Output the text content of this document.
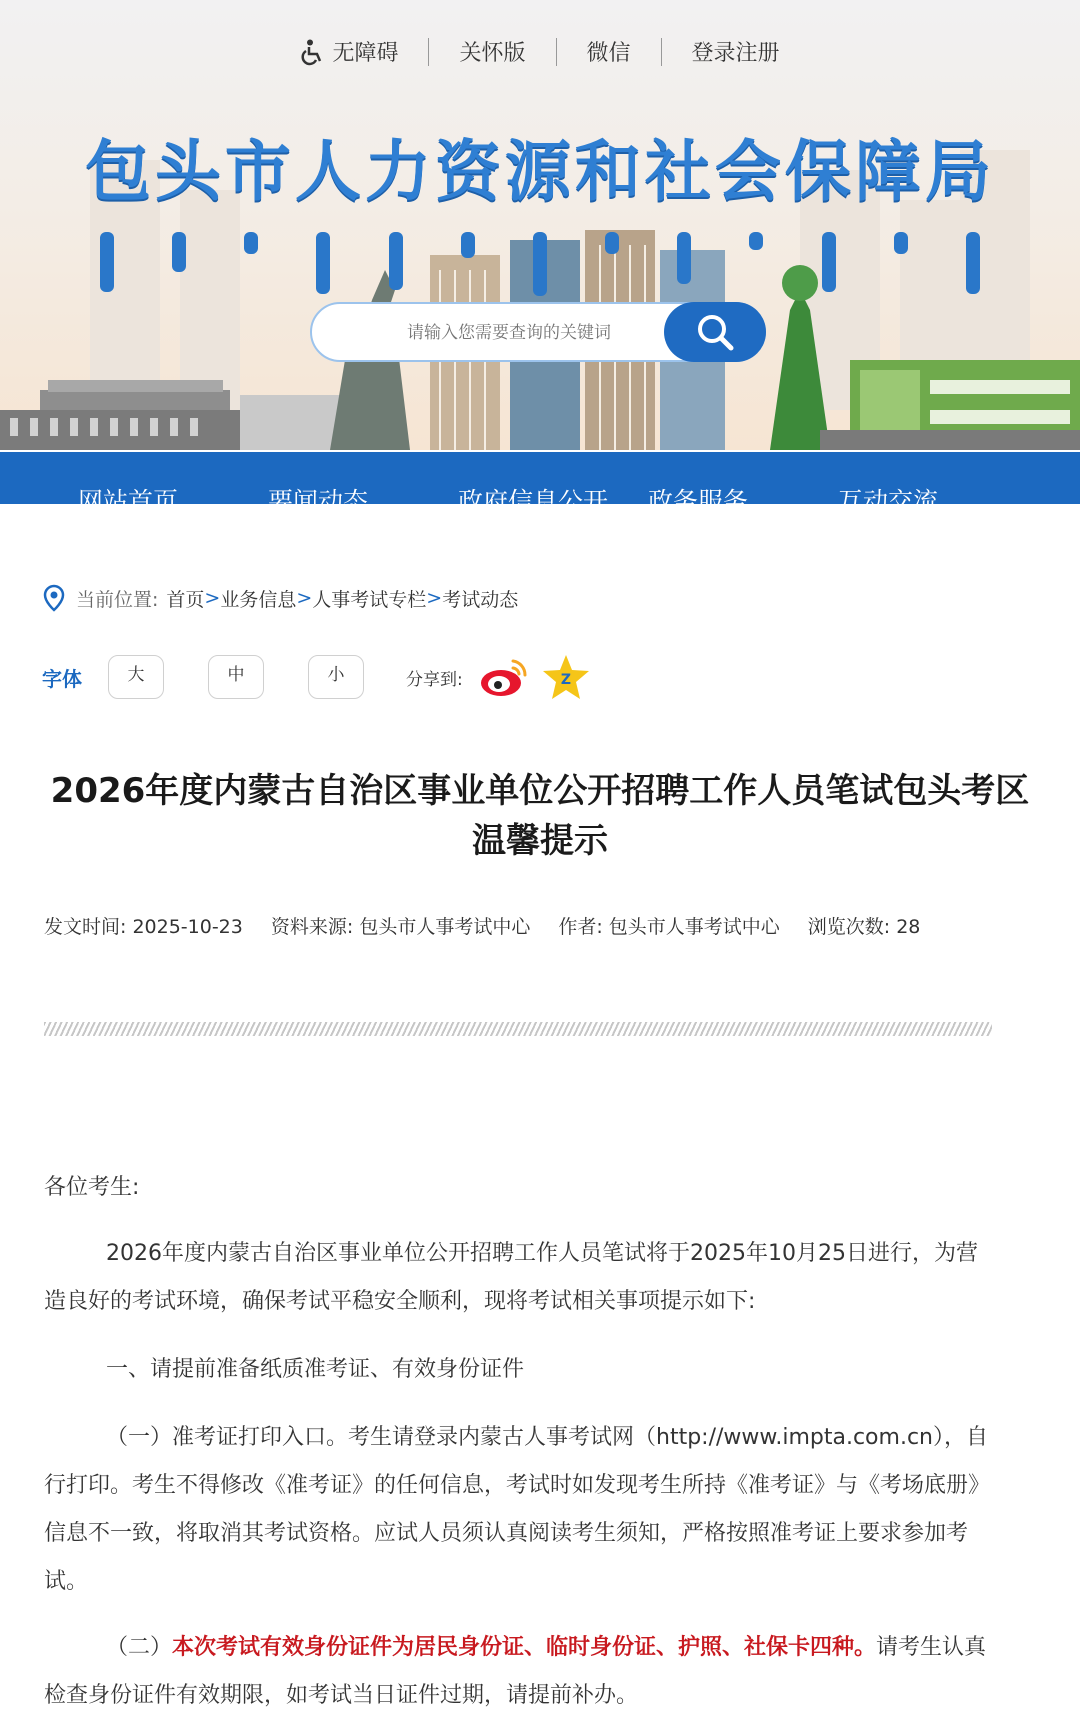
无障碍	关怀版	微信	登录注册
包头市人力资源和社会保障局
请输入您需要查询的关键词
网站首页	要闻动态	政府信息公开	政务服务	互动交流
当前位置: 首页 > 业务信息 > 人事考试专栏 > 考试动态
字体	大	中	小	分享到:	Z
2026年度内蒙古自治区事业单位公开招聘工作人员笔试包头考区温馨提示
发文时间: 2025-10-23 资料来源: 包头市人事考试中心 作者: 包头市人事考试中心 浏览次数: 28

各位考生:

2026年度内蒙古自治区事业单位公开招聘工作人员笔试将于2025年10月25日进行，为营造良好的考试环境，确保考试平稳安全顺利，现将考试相关事项提示如下:

一、请提前准备纸质准考证、有效身份证件

（一）准考证打印入口。考生请登录内蒙古人事考试网（http://www.impta.com.cn），自行打印。考生不得修改《准考证》的任何信息，考试时如发现考生所持《准考证》与《考场底册》信息不一致，将取消其考试资格。应试人员须认真阅读考生须知，严格按照准考证上要求参加考试。

（二）本次考试有效身份证件为居民身份证、临时身份证、护照、社保卡四种。请考生认真检查身份证件有效期限，如考试当日证件过期，请提前补办。
